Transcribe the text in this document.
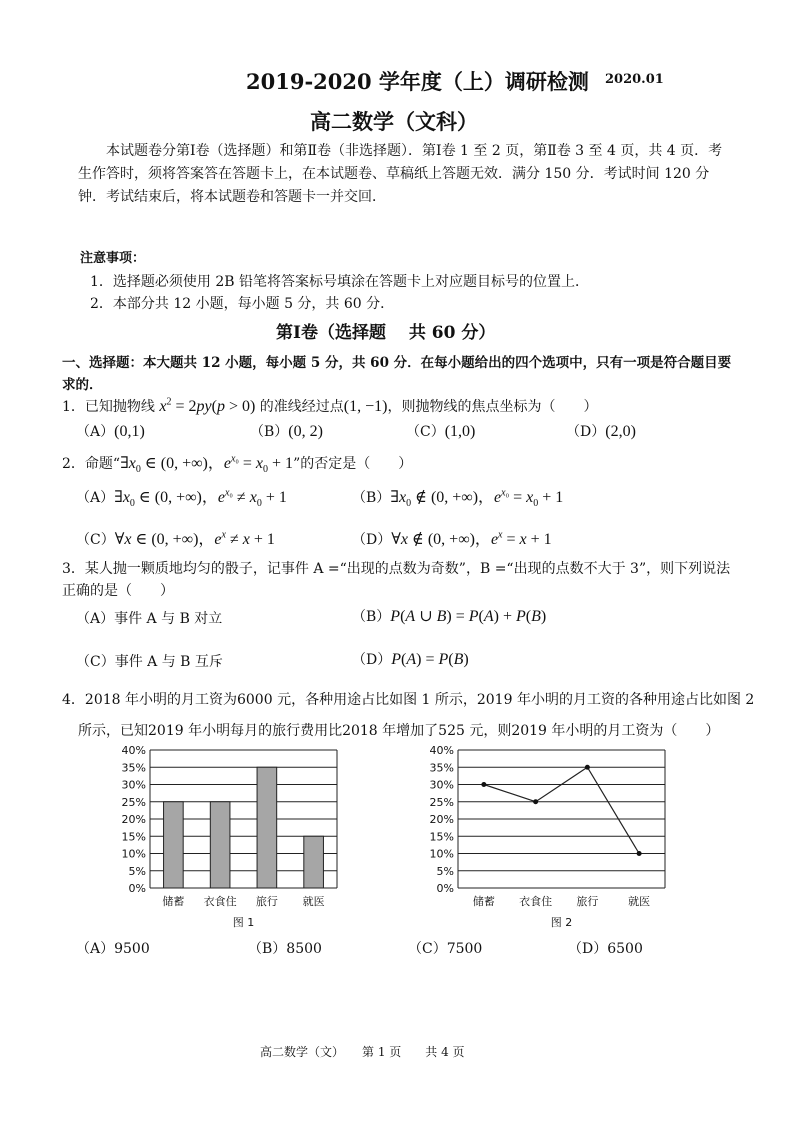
2019-2020 学年度（上）调研检测 2020.01
高二数学（文科）
本试题卷分第Ⅰ卷（选择题）和第Ⅱ卷（非选择题）．第Ⅰ卷 1 至 2 页，第Ⅱ卷 3 至 4 页，共 4 页．考生作答时，须将答案答在答题卡上，在本试题卷、草稿纸上答题无效．满分 150 分．考试时间 120 分钟．考试结束后，将本试题卷和答题卡一并交回．
注意事项：
1．选择题必须使用 2B 铅笔将答案标号填涂在答题卡上对应题目标号的位置上．
2．本部分共 12 小题，每小题 5 分，共 60 分．
第Ⅰ卷（选择题　 共 60 分）
一、选择题：本大题共 12 小题，每小题 5 分，共 60 分．在每小题给出的四个选项中，只有一项是符合题目要
求的．
1．已知抛物线 $x^2 = 2py(p > 0)$ 的准线经过点(1, −1)，则抛物线的焦点坐标为（　　）
（A）(0,1)	（B）(0, 2)	（C）(1,0)	（D）(2,0)
2．命题“$\exists x_0$ ∈ (0, +∞)，$e^{x_0} = x_0 + 1$”的否定是（　　）
$(A)\exists x_0$ ∈ (0, +∞)，$e^{x_0} \ne x_0 + 1$	$(B)\exists x_0$ ∉ (0, +∞)，$e^{x_0} = x_0 + 1$
（C）∀x ∈ (0, +∞)，$e^x \ne x + 1$	（D）∀x ∉ (0, +∞)，$e^x = x + 1$
3．某人抛一颗质地均匀的骰子，记事件 A =“出现的点数为奇数”，B =“出现的点数不大于 3”，则下列说法
正确的是（　　）
（A）事件 A 与 B 对立	（B）P(A ∪ B) = P(A) + P(B)
（C）事件 A 与 B 互斥	（D）P(A) = P(B)
4．2018 年小明的月工资为6000 元，各种用途占比如图 1 所示，2019 年小明的月工资的各种用途占比如图 2
所示，已知2019 年小明每月的旅行费用比2018 年增加了525 元，则2019 年小明的月工资为（　　）
0%
5%
10%
15%
20%
25%
30%
35%
40%
储蓄 衣食住 旅行 就医
图 1
0%
5%
10%
15%
20%
25%
30%
35%
40%
储蓄 衣食住 旅行	就医
图 2
（A）9500	（B）8500	（C）7500	（D）6500
高二数学（文）　　第 1 页　　共 4 页
